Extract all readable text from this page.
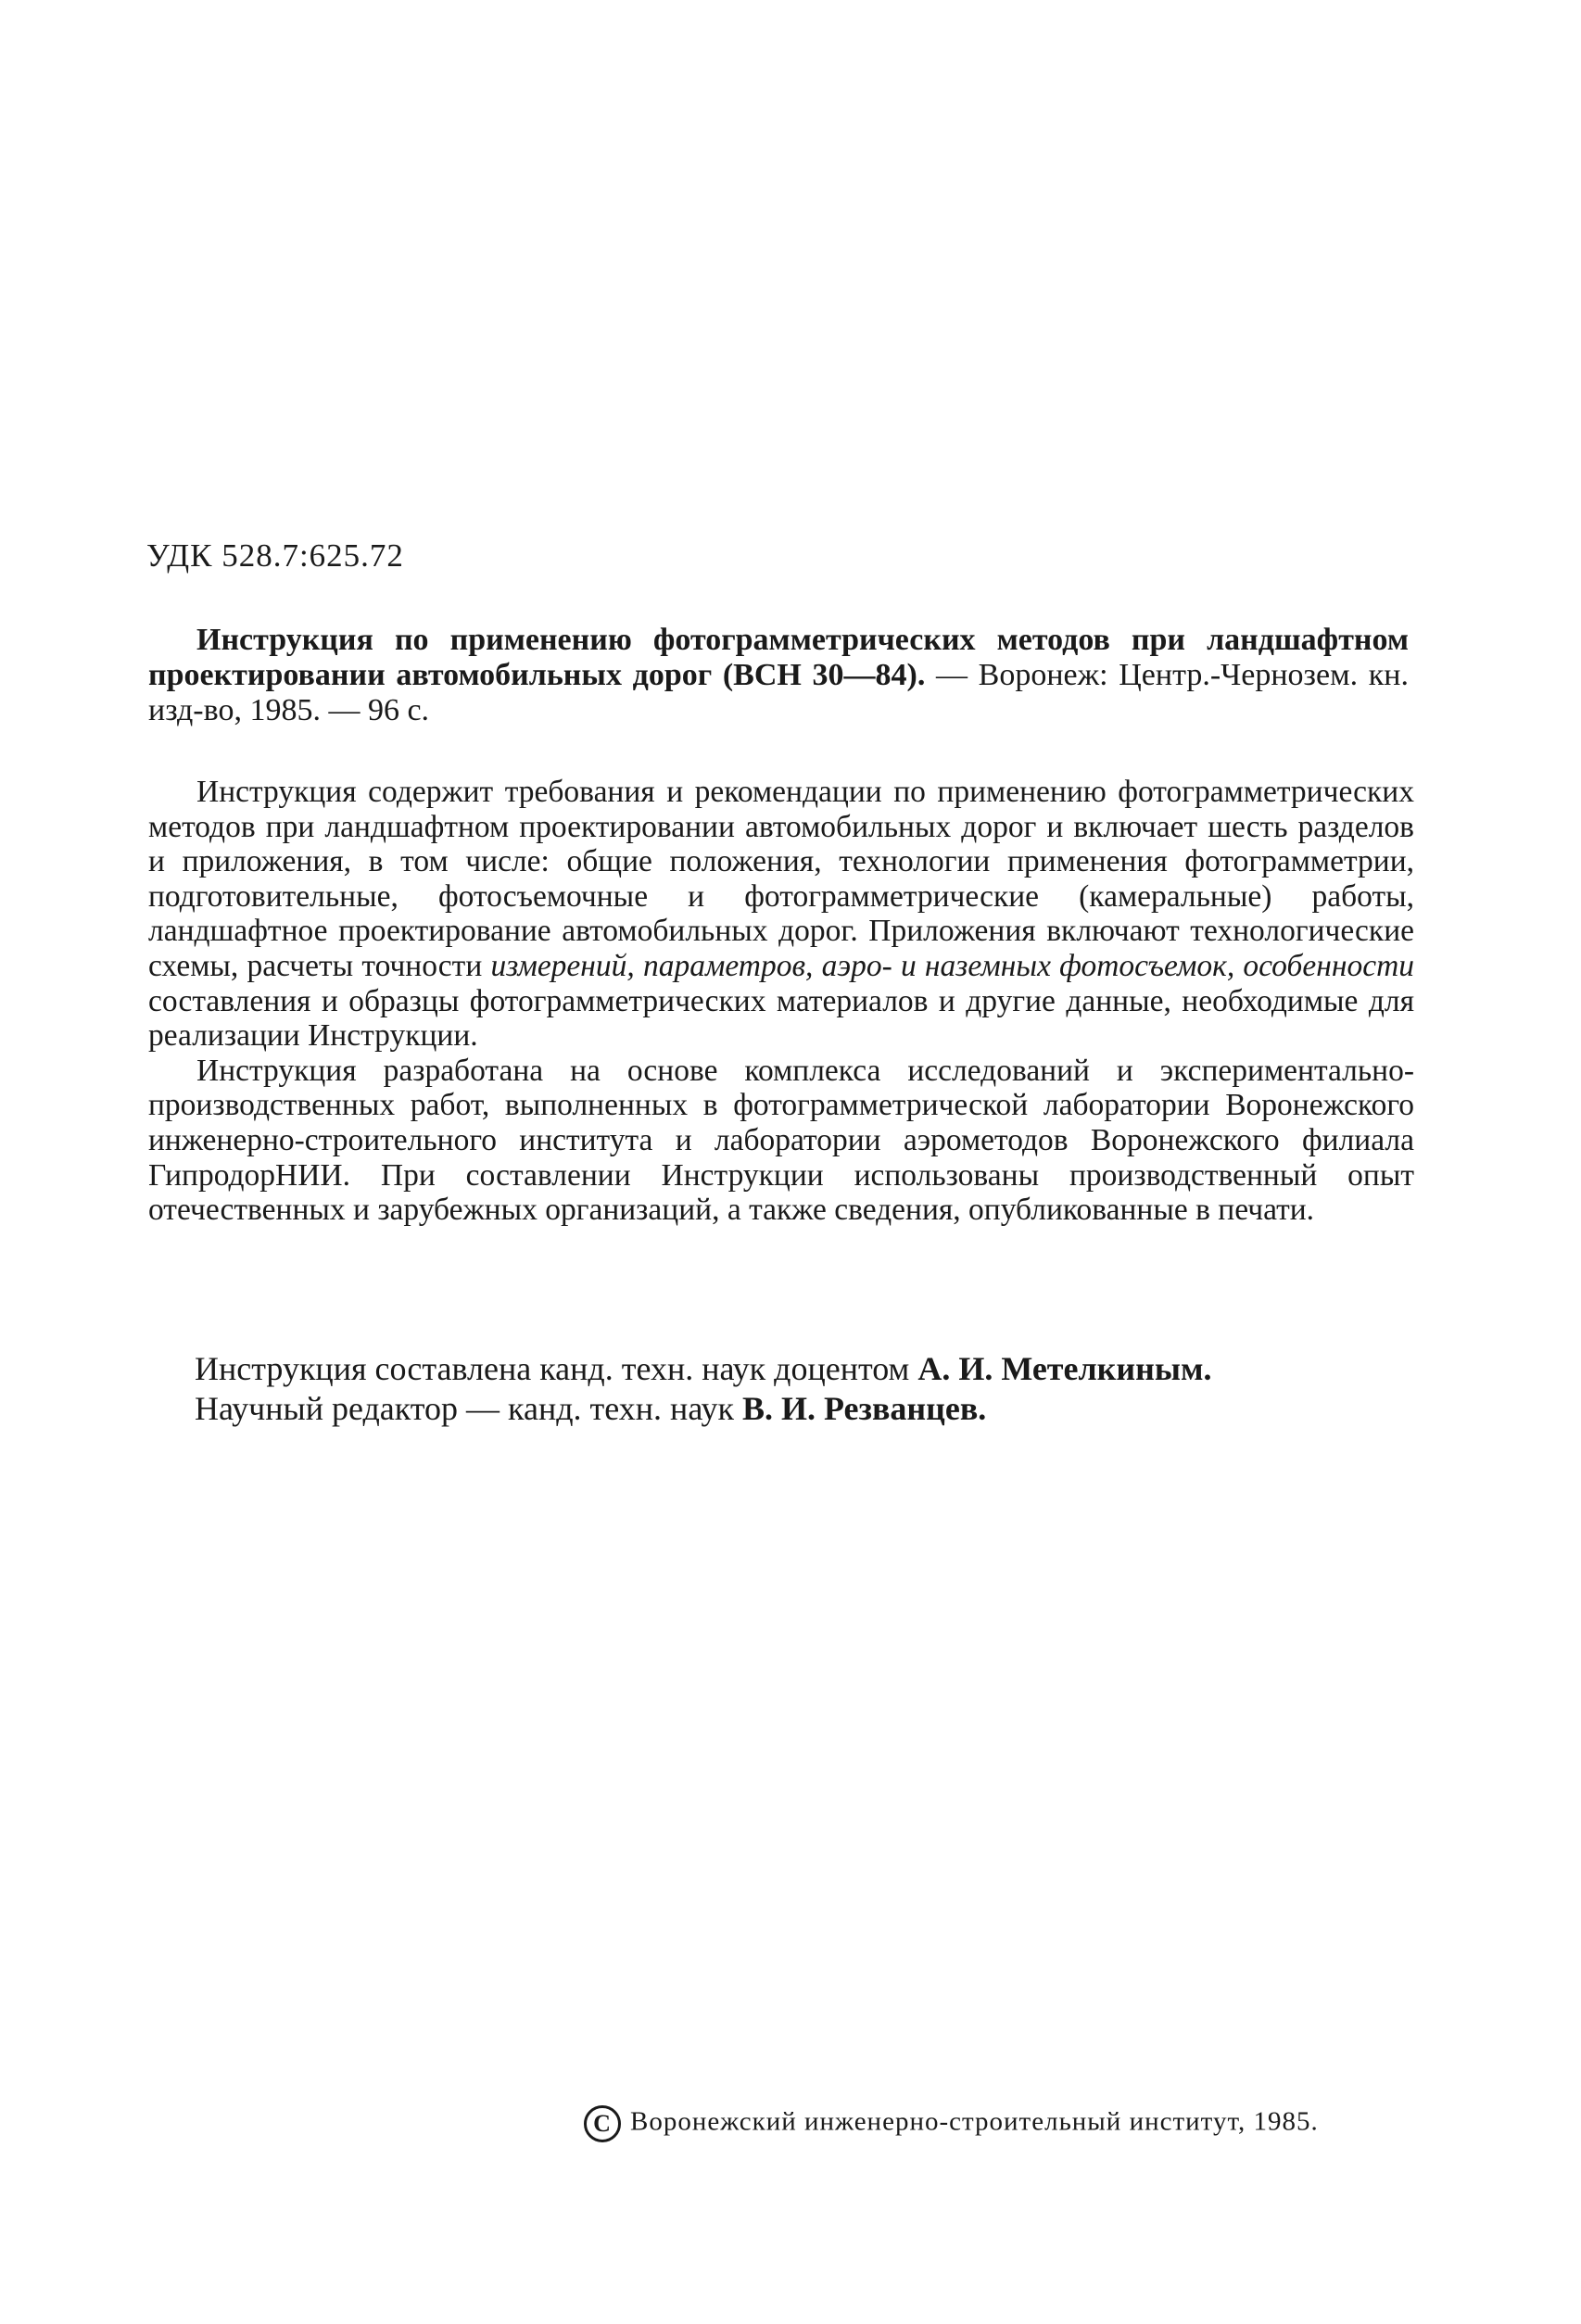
УДК 528.7:625.72
Инструкция по применению фотограмметрических методов при ландшафтном проектировании автомобильных дорог (ВСН 30—84). — Воронеж: Центр.-Чернозем. кн. изд-во, 1985. — 96 с.

Инструкция содержит требования и рекомендации по применению фотограмметрических методов при ландшафтном проектировании автомобильных дорог и включает шесть разделов и приложения, в том числе: общие положения, технологии применения фотограмметрии, подготовительные, фотосъемочные и фотограмметрические (камеральные) работы, ландшафтное проектирование автомобильных дорог. Приложения включают технологические схемы, расчеты точности измерений, параметров, аэро- и наземных фотосъемок, особенности составления и образцы фотограмметрических материалов и другие данные, необходимые для реализации Инструкции.

Инструкция разработана на основе комплекса исследований и экспериментально-производственных работ, выполненных в фотограмметрической лаборатории Воронежского инженерно-строительного института и лаборатории аэрометодов Воронежского филиала ГипродорНИИ. При составлении Инструкции использованы производственный опыт отечественных и зарубежных организаций, а также сведения, опубликованные в печати.

Инструкция составлена канд. техн. наук доцентом А. И. Метелкиным.
Научный редактор — канд. техн. наук В. И. Резванцев.
C Воронежский инженерно-строительный институт, 1985.
